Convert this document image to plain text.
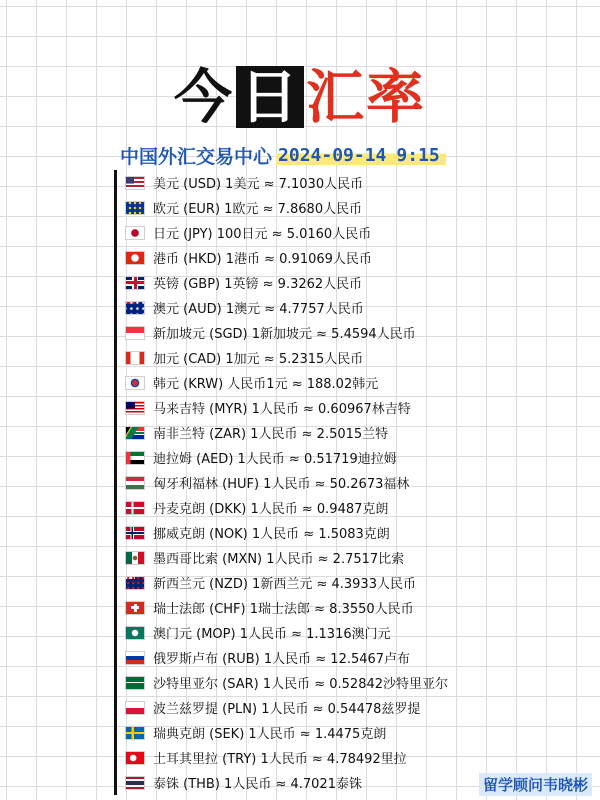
今 日 汇率
中国外汇交易中心 2024-09-14 9:15
美元 (USD) 1美元 ≈ 7.1030人民币
欧元 (EUR) 1欧元 ≈ 7.8680人民币
日元 (JPY) 100日元 ≈ 5.0160人民币
港币 (HKD) 1港币 ≈ 0.91069人民币
英镑 (GBP) 1英镑 ≈ 9.3262人民币
澳元 (AUD) 1澳元 ≈ 4.7757人民币
新加坡元 (SGD) 1新加坡元 ≈ 5.4594人民币
加元 (CAD) 1加元 ≈ 5.2315人民币
韩元 (KRW) 人民币1元 ≈ 188.02韩元
马来吉特 (MYR) 1人民币 ≈ 0.60967林吉特
南非兰特 (ZAR) 1人民币 ≈ 2.5015兰特
迪拉姆 (AED) 1人民币 ≈ 0.51719迪拉姆
匈牙利福林 (HUF) 1人民币 ≈ 50.2673福林
丹麦克朗 (DKK) 1人民币 ≈ 0.9487克朗
挪威克朗 (NOK) 1人民币 ≈ 1.5083克朗
墨西哥比索 (MXN) 1人民币 ≈ 2.7517比索
新西兰元 (NZD) 1新西兰元 ≈ 4.3933人民币
瑞士法郎 (CHF) 1瑞士法郎 ≈ 8.3550人民币
澳门元 (MOP) 1人民币 ≈ 1.1316澳门元
俄罗斯卢布 (RUB) 1人民币 ≈ 12.5467卢布
沙特里亚尔 (SAR) 1人民币 ≈ 0.52842沙特里亚尔
波兰兹罗提 (PLN) 1人民币 ≈ 0.54478兹罗提
瑞典克朗 (SEK) 1人民币 ≈ 1.4475克朗
土耳其里拉 (TRY) 1人民币 ≈ 4.78492里拉
泰铢 (THB) 1人民币 ≈ 4.7021泰铢	留学顾问韦晓彬
